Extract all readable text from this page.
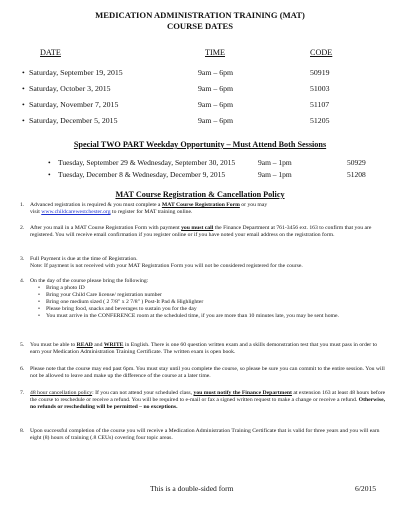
MEDICATION ADMINISTRATION TRAINING (MAT)
COURSE DATES
DATE	TIME	CODE
• Saturday, September 19, 2015	9am – 6pm	50919
• Saturday, October 3, 2015	9am – 6pm	51003
• Saturday, November 7, 2015	9am – 6pm	51107
• Saturday, December 5, 2015	9am – 6pm	51205
Special TWO PART Weekday Opportunity – Must Attend Both Sessions
• Tuesday, September 29 & Wednesday, September 30, 2015	9am – 1pm	50929
• Tuesday, December 8 & Wednesday, December 9, 2015	9am – 1pm	51208
MAT Course Registration & Cancellation Policy
1. Advanced registration is required & you must complete a MAT Course Registration Form or you may

visit www.childcarewestchester.org to register for MAT training online.

2. After you mail in a MAT Course Registration Form with payment you must call the Finance Department at 761-3456 ext. 163 to confirm that you are registered. You will receive email confirmation if you register online or if you have noted your email address on the registration form.

3. Full Payment is due at the time of Registration.

Note: If payment is not received with your MAT Registration Form you will not be considered registered for the course.

4. On the day of the course please bring the following:

• Bring a photo ID
• Bring your Child Care license/ registration number
• Bring one medium sized ( 2 7/8" x 2 7/8" ) Post-It Pad & Highlighter
• Please bring food, snacks and beverages to sustain you for the day
• You must arrive in the CONFERENCE room at the scheduled time, if you are more than 10 minutes late, you may be sent home.
5. You must be able to READ and WRITE in English. There is one 60 question written exam and a skills demonstration test that you must pass in order to earn your Medication Administration Training Certificate. The written exam is open book.

6. Please note that the course may end past 6pm. You must stay until you complete the course, so please be sure you can commit to the entire session. You will not be allowed to leave and make up the difference of the course at a later time.

7. 48 hour cancellation policy: If you can not attend your scheduled class, you must notify the Finance Department at extension 163 at least 48 hours before the course to reschedule or receive a refund. You will be required to e-mail or fax a signed written request to make a change or receive a refund. Otherwise, no refunds or rescheduling will be permitted – no exceptions.

8. Upon successful completion of the course you will receive a Medication Administration Training Certificate that is valid for three years and you will earn eight (8) hours of training (.8 CEUs) covering four topic areas.

This is a double-sided form	6/2015
